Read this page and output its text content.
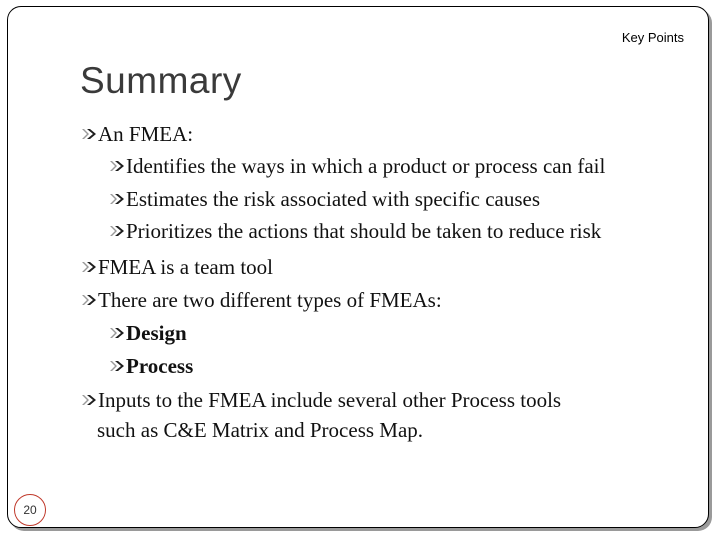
Key Points
Summary
An FMEA:
Identifies the ways in which a product or process can fail
Estimates the risk associated with specific causes
Prioritizes the actions that should be taken to reduce risk
FMEA is a team tool
There are two different types of FMEAs:
Design
Process
Inputs to the FMEA include several other Process tools
such as C&E Matrix and Process Map.
20
